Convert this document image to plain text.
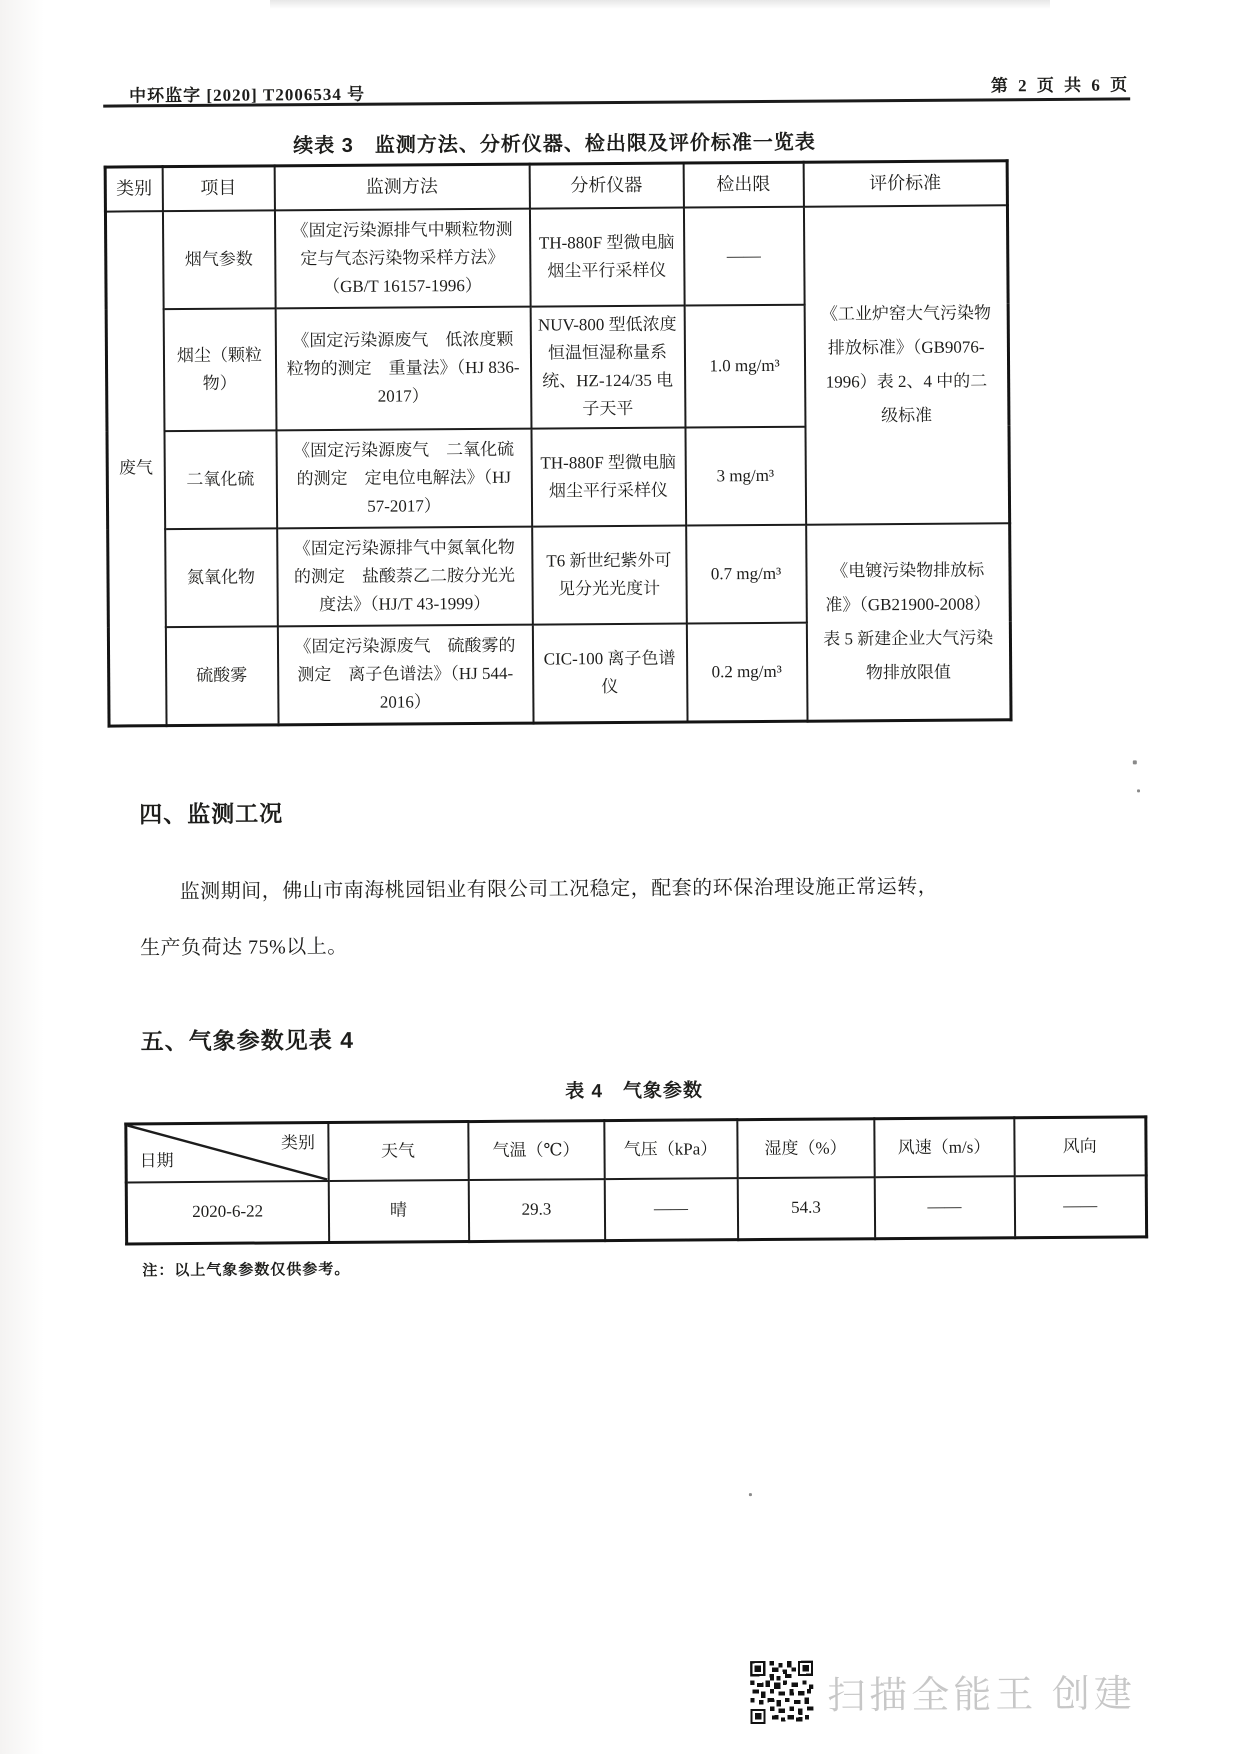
中环监字 [2020] T2006534 号	第 2 页 共 6 页
续表 3　监测方法、分析仪器、检出限及评价标准一览表
类别	项目	监测方法	分析仪器	检出限	评价标准
废气	烟气参数	《固定污染源排气中颗粒物测定与气态污染物采样方法》（GB/T 16157-1996）	TH-880F 型微电脑烟尘平行采样仪	——	《工业炉窑大气污染物排放标准》（GB9076-1996）表 2、4 中的二级标准
	烟尘（颗粒物）	《固定污染源废气　低浓度颗粒物的测定　重量法》（HJ 836-2017）	NUV-800 型低浓度恒温恒湿称量系统、HZ-124/35 电子天平	1.0 mg/m³	
	二氧化硫	《固定污染源废气　二氧化硫的测定　定电位电解法》（HJ 57-2017）	TH-880F 型微电脑烟尘平行采样仪	3 mg/m³	
	氮氧化物	《固定污染源排气中氮氧化物的测定　盐酸萘乙二胺分光光度法》（HJ/T 43-1999）	T6 新世纪紫外可见分光光度计	0.7 mg/m³	《电镀污染物排放标准》（GB21900-2008）表 5 新建企业大气污染物排放限值
	硫酸雾	《固定污染源废气　硫酸雾的测定　离子色谱法》（HJ 544-2016）	CIC-100 离子色谱仪	0.2 mg/m³	
四、监测工况
监测期间，佛山市南海桃园铝业有限公司工况稳定，配套的环保治理设施正常运转，
生产负荷达 75%以上。
五、气象参数见表 4
表 4　气象参数
类别
日期	天气	气温（℃）	气压（kPa）	湿度（%）	风速（m/s）	风向
2020-6-22	晴	29.3	——	54.3	——	——
注：以上气象参数仅供参考。
扫描全能王 创建
